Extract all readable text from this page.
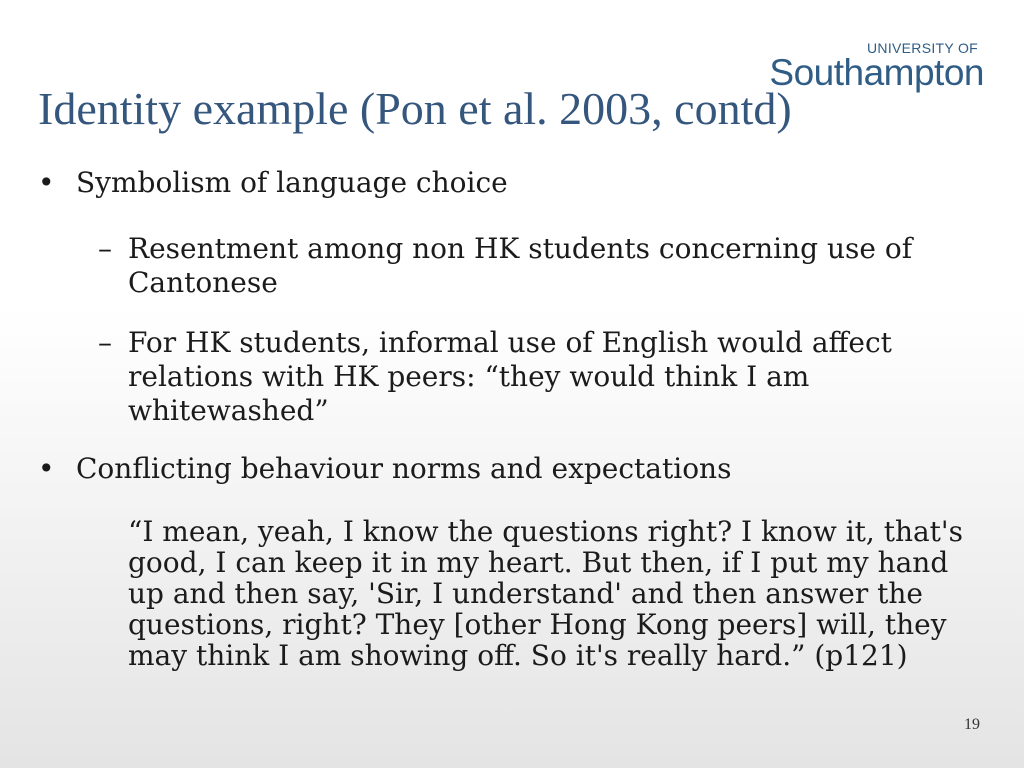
UNIVERSITY OF
Southampton
Identity example (Pon et al. 2003, contd)
• Symbolism of language choice
– Resentment among non HK students concerning use of Cantonese
– For HK students, informal use of English would affect relations with HK peers: “they would think I am whitewashed”
• Conflicting behaviour norms and expectations
“I mean, yeah, I know the questions right? I know it, that's good, I can keep it in my heart. But then, if I put my hand up and then say, 'Sir, I understand' and then answer the questions, right? They [other Hong Kong peers] will, they may think I am showing off. So it's really hard.” (p121)
19
